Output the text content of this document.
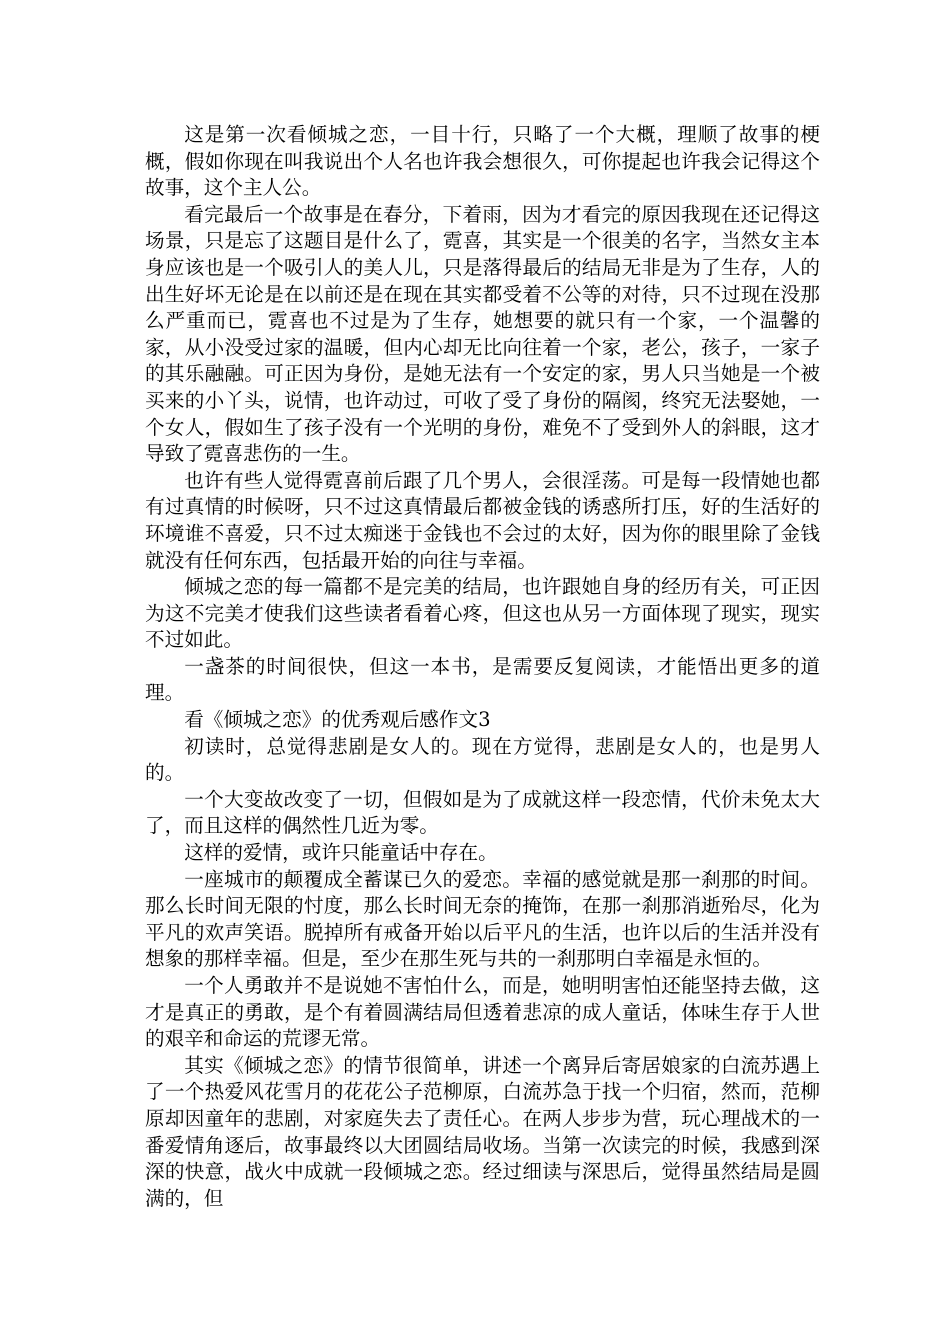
这是第一次看倾城之恋，一目十行，只略了一个大概，理顺了故事的梗概，假如你现在叫我说出个人名也许我会想很久，可你提起也许我会记得这个故事，这个主人公。

看完最后一个故事是在春分，下着雨，因为才看完的原因我现在还记得这场景，只是忘了这题目是什么了，霓喜，其实是一个很美的名字，当然女主本身应该也是一个吸引人的美人儿，只是落得最后的结局无非是为了生存，人的出生好坏无论是在以前还是在现在其实都受着不公等的对待，只不过现在没那么严重而已，霓喜也不过是为了生存，她想要的就只有一个家，一个温馨的家，从小没受过家的温暖，但内心却无比向往着一个家，老公，孩子，一家子的其乐融融。可正因为身份，是她无法有一个安定的家，男人只当她是一个被买来的小丫头，说情，也许动过，可收了受了身份的隔阂，终究无法娶她，一个女人，假如生了孩子没有一个光明的身份，难免不了受到外人的斜眼，这才导致了霓喜悲伤的一生。

也许有些人觉得霓喜前后跟了几个男人，会很淫荡。可是每一段情她也都有过真情的时候呀，只不过这真情最后都被金钱的诱惑所打压，好的生活好的环境谁不喜爱，只不过太痴迷于金钱也不会过的太好，因为你的眼里除了金钱就没有任何东西，包括最开始的向往与幸福。

倾城之恋的每一篇都不是完美的结局，也许跟她自身的经历有关，可正因为这不完美才使我们这些读者看着心疼，但这也从另一方面体现了现实，现实不过如此。

一盏茶的时间很快，但这一本书，是需要反复阅读，才能悟出更多的道理。

看《倾城之恋》的优秀观后感作文3

初读时，总觉得悲剧是女人的。现在方觉得，悲剧是女人的，也是男人的。

一个大变故改变了一切，但假如是为了成就这样一段恋情，代价未免太大了，而且这样的偶然性几近为零。

这样的爱情，或许只能童话中存在。

一座城市的颠覆成全蓄谋已久的爱恋。幸福的感觉就是那一刹那的时间。那么长时间无限的忖度，那么长时间无奈的掩饰，在那一刹那消逝殆尽，化为平凡的欢声笑语。脱掉所有戒备开始以后平凡的生活，也许以后的生活并没有想象的那样幸福。但是，至少在那生死与共的一刹那明白幸福是永恒的。

一个人勇敢并不是说她不害怕什么，而是，她明明害怕还能坚持去做，这才是真正的勇敢，是个有着圆满结局但透着悲凉的成人童话，体味生存于人世的艰辛和命运的荒谬无常。

其实《倾城之恋》的情节很简单，讲述一个离异后寄居娘家的白流苏遇上了一个热爱风花雪月的花花公子范柳原，白流苏急于找一个归宿，然而，范柳原却因童年的悲剧，对家庭失去了责任心。在两人步步为营，玩心理战术的一番爱情角逐后，故事最终以大团圆结局收场。当第一次读完的时候，我感到深深的快意，战火中成就一段倾城之恋。经过细读与深思后，觉得虽然结局是圆满的，但
